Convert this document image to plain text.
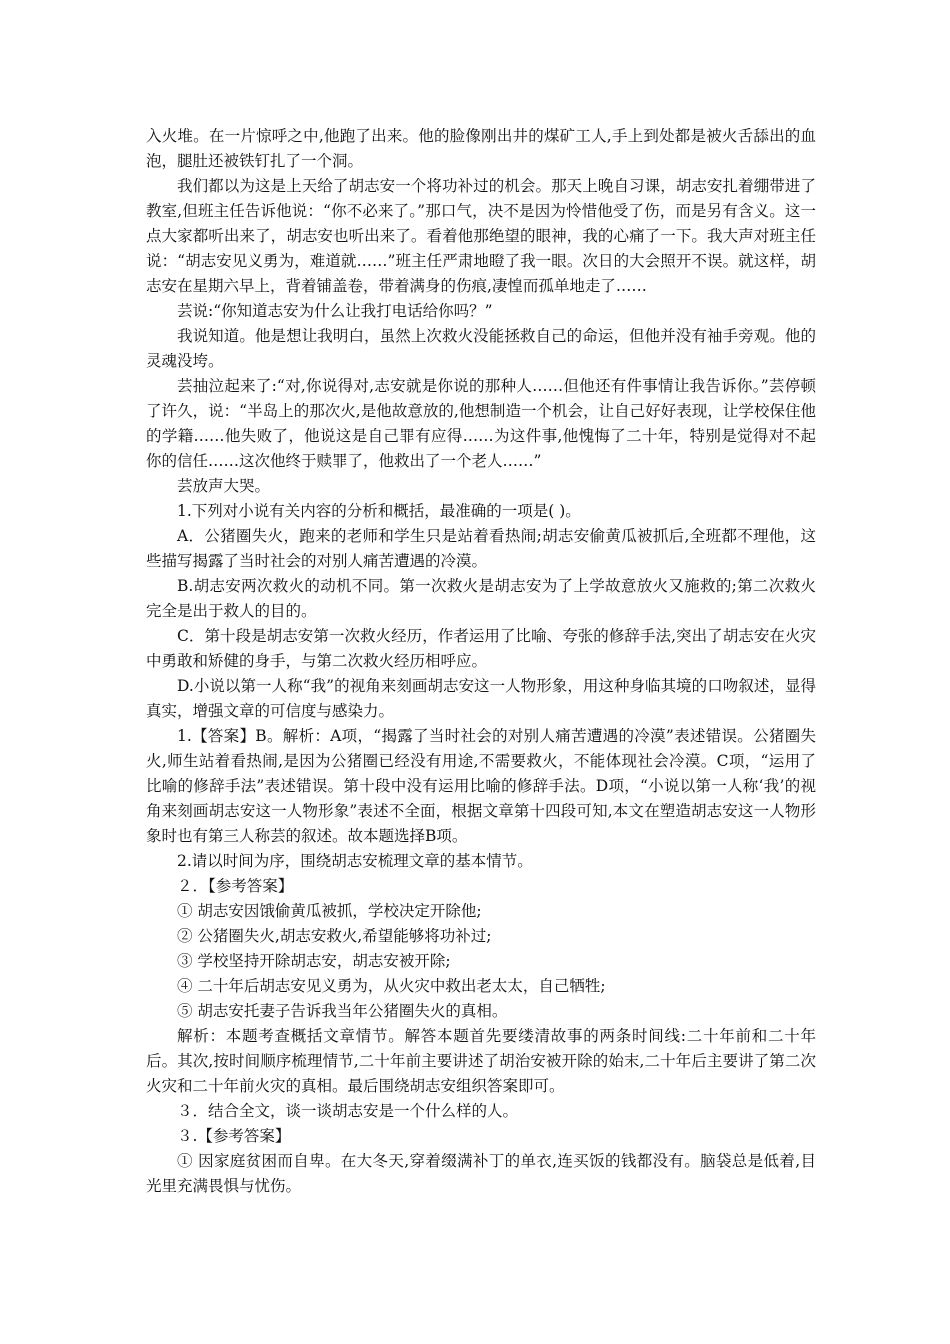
入火堆。在一片惊呼之中,他跑了出来。他的脸像刚出井的煤矿工人,手上到处都是被火舌舔出的血泡，腿肚还被铁钉扎了一个洞。

我们都以为这是上天给了胡志安一个将功补过的机会。那天上晚自习课，胡志安扎着绷带进了教室,但班主任告诉他说：“你不必来了。”那口气，决不是因为怜惜他受了伤，而是另有含义。这一点大家都听出来了，胡志安也听出来了。看着他那绝望的眼神，我的心痛了一下。我大声对班主任说：“胡志安见义勇为，难道就……”班主任严肃地瞪了我一眼。次日的大会照开不误。就这样，胡志安在星期六早上，背着铺盖卷，带着满身的伤痕,凄惶而孤单地走了……

芸说:“你知道志安为什么让我打电话给你吗？”

我说知道。他是想让我明白，虽然上次救火没能拯救自己的命运，但他并没有袖手旁观。他的灵魂没垮。

芸抽泣起来了:“对,你说得对,志安就是你说的那种人……但他还有件事情让我告诉你。”芸停顿了许久，说：“半岛上的那次火,是他故意放的,他想制造一个机会，让自己好好表现，让学校保住他的学籍……他失败了，他说这是自己罪有应得……为这件事,他愧悔了二十年，特别是觉得对不起你的信任……这次他终于赎罪了，他救出了一个老人……”

芸放声大哭。

1.下列对小说有关内容的分析和概括，最准确的一项是( )。

A．公猪圈失火，跑来的老师和学生只是站着看热闹;胡志安偷黄瓜被抓后,全班都不理他，这些描写揭露了当时社会的对别人痛苦遭遇的冷漠。

B.胡志安两次救火的动机不同。第一次救火是胡志安为了上学故意放火又施救的;第二次救火完全是出于救人的目的。

C．第十段是胡志安第一次救火经历，作者运用了比喻、夸张的修辞手法,突出了胡志安在火灾中勇敢和矫健的身手，与第二次救火经历相呼应。

D.小说以第一人称“我”的视角来刻画胡志安这一人物形象，用这种身临其境的口吻叙述，显得真实，增强文章的可信度与感染力。

1.【答案】B。解析：A项，“揭露了当时社会的对别人痛苦遭遇的冷漠”表述错误。公猪圈失火,师生站着看热闹,是因为公猪圈已经没有用途,不需要救火，不能体现社会冷漠。C项，“运用了比喻的修辞手法”表述错误。第十段中没有运用比喻的修辞手法。D项，“小说以第一人称‘我’的视角来刻画胡志安这一人物形象”表述不全面，根据文章第十四段可知,本文在塑造胡志安这一人物形象时也有第三人称芸的叙述。故本题选择B项。

2.请以时间为序，围绕胡志安梳理文章的基本情节。

２．【参考答案】

① 胡志安因饿偷黄瓜被抓，学校决定开除他;

② 公猪圈失火,胡志安救火,希望能够将功补过;

③ 学校坚持开除胡志安，胡志安被开除;

④ 二十年后胡志安见义勇为，从火灾中救出老太太，自己牺牲;

⑤ 胡志安托妻子告诉我当年公猪圈失火的真相。

解析：本题考查概括文章情节。解答本题首先要缕清故事的两条时间线:二十年前和二十年后。其次,按时间顺序梳理情节,二十年前主要讲述了胡治安被开除的始末,二十年后主要讲了第二次火灾和二十年前火灾的真相。最后围绕胡志安组织答案即可。

３．结合全文，谈一谈胡志安是一个什么样的人。

３.【参考答案】

① 因家庭贫困而自卑。在大冬天,穿着缀满补丁的单衣,连买饭的钱都没有。脑袋总是低着,目光里充满畏惧与忧伤。
